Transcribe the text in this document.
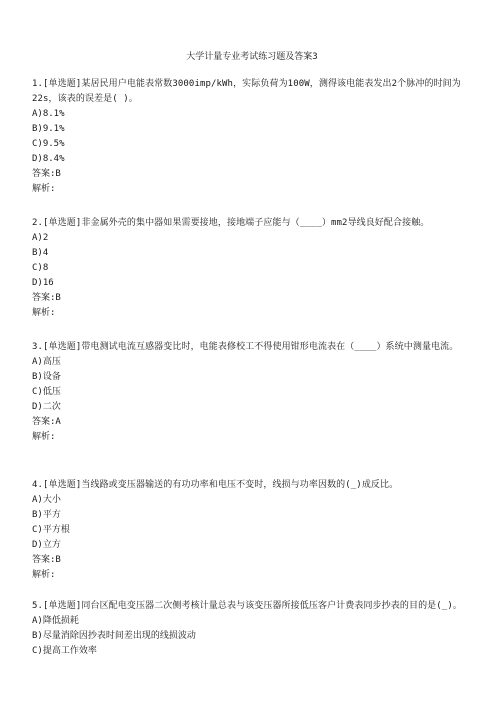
大学计量专业考试练习题及答案3
1.[单选题]某居民用户电能表常数3000imp/kWh，实际负荷为100W，测得该电能表发出2个脉冲的时间为22s，该表的误差是( )。
A)8.1%
B)9.1%
C)9.5%
D)8.4%
答案:B
解析:
2.[单选题]非金属外壳的集中器如果需要接地，接地端子应能与（____）mm2导线良好配合接触。
A)2
B)4
C)8
D)16
答案:B
解析:
3.[单选题]带电测试电流互感器变比时，电能表修校工不得使用钳形电流表在（____）系统中测量电流。
A)高压
B)设备
C)低压
D)二次
答案:A
解析:
4.[单选题]当线路或变压器输送的有功功率和电压不变时，线损与功率因数的(_)成反比。
A)大小
B)平方
C)平方根
D)立方
答案:B
解析:
5.[单选题]同台区配电变压器二次侧考核计量总表与该变压器所接低压客户计费表同步抄表的目的是(_)。
A)降低损耗
B)尽量消除因抄表时间差出现的线损波动
C)提高工作效率
